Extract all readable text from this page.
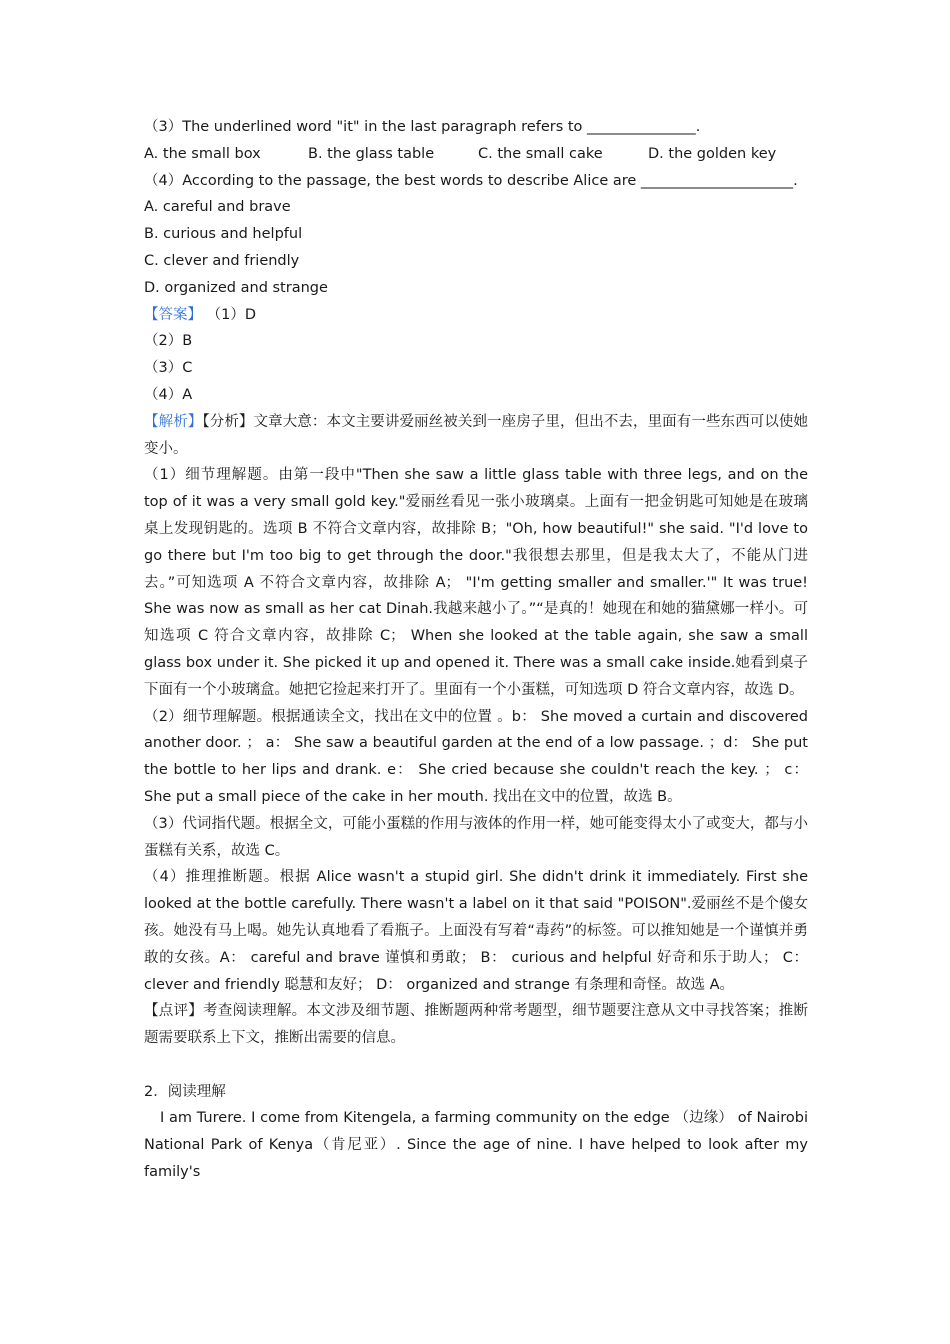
（3）The underlined word "it" in the last paragraph refers to _______________.
A. the small box	B. the glass table	C. the small cake	D. the golden key
（4）According to the passage, the best words to describe Alice are _____________________.
A. careful and brave
B. curious and helpful
C. clever and friendly
D. organized and strange
【答案】 （1）D
（2）B
（3）C
（4）A
【解析】【分析】文章大意：本文主要讲爱丽丝被关到一座房子里，但出不去，里面有一些东西可以使她变小。
（1）细节理解题。由第一段中"Then she saw a little glass table with three legs, and on the top of it was a very small gold key."爱丽丝看见一张小玻璃桌。上面有一把金钥匙可知她是在玻璃桌上发现钥匙的。选项 B 不符合文章内容，故排除 B；"Oh, how beautiful!" she said. "I'd love to go there but I'm too big to get through the door."我很想去那里，但是我太大了，不能从门进去。”可知选项 A 不符合文章内容，故排除 A； "I'm getting smaller and smaller.'" It was true! She was now as small as her cat Dinah.我越来越小了。”“是真的！她现在和她的猫黛娜一样小。可知选项 C 符合文章内容，故排除 C； When she looked at the table again, she saw a small glass box under it. She picked it up and opened it. There was a small cake inside.她看到桌子下面有一个小玻璃盒。她把它捡起来打开了。里面有一个小蛋糕，可知选项 D 符合文章内容，故选 D。
（2）细节理解题。根据通读全文，找出在文中的位置 。b： She moved a curtain and discovered another door. ； a： She saw a beautiful garden at the end of a low passage. ；d： She put the bottle to her lips and drank. e： She cried because she couldn't reach the key. ； c： She put a small piece of the cake in her mouth. 找出在文中的位置，故选 B。
（3）代词指代题。根据全文，可能小蛋糕的作用与液体的作用一样，她可能变得太小了或变大，都与小蛋糕有关系，故选 C。
（4）推理推断题。根据 Alice wasn't a stupid girl. She didn't drink it immediately. First she looked at the bottle carefully. There wasn't a label on it that said "POISON".爱丽丝不是个傻女孩。她没有马上喝。她先认真地看了看瓶子。上面没有写着“毒药”的标签。可以推知她是一个谨慎并勇敢的女孩。A： careful and brave 谨慎和勇敢； B： curious and helpful 好奇和乐于助人； C： clever and friendly 聪慧和友好； D： organized and strange 有条理和奇怪。故选 A。
【点评】考查阅读理解。本文涉及细节题、推断题两种常考题型，细节题要注意从文中寻找答案；推断题需要联系上下文，推断出需要的信息。
2．阅读理解
I am Turere. I come from Kitengela, a farming community on the edge （边缘） of Nairobi National Park of Kenya（肯尼亚）. Since the age of nine. I have helped to look after my family's
